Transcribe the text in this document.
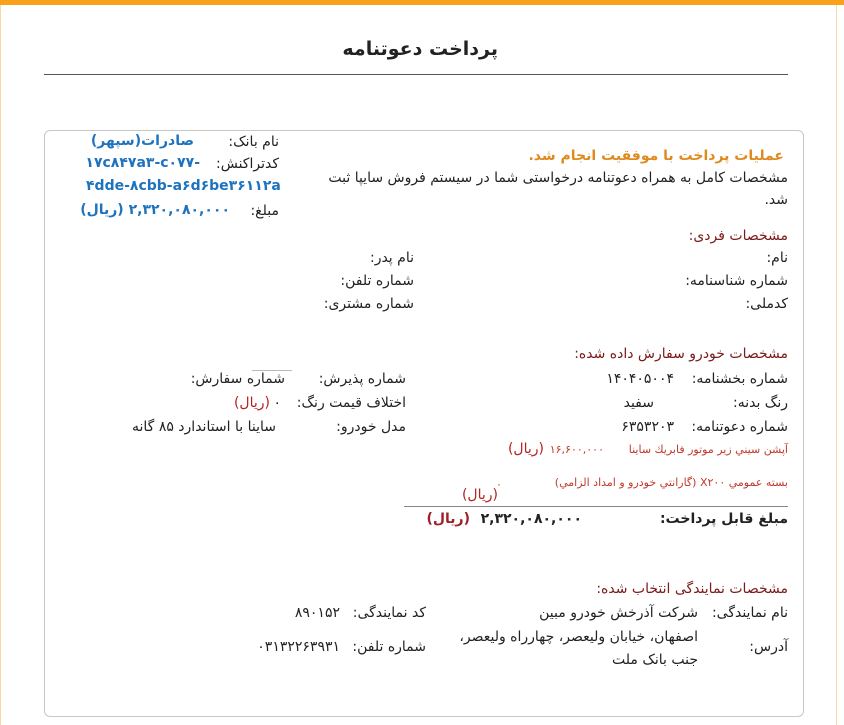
پرداخت دعوتنامه
نام بانک:
صادرات(سپهر)
کدتراکنش:
-۱۷c۸۴۷a۳-c۰۷۷
۴dde-۸cbb-a۶d۶be۳۶۱۱۲a
مبلغ:
۲,۳۲۰,۰۸۰,۰۰۰ (ریال)
عملیات پرداخت با موفقیت انجام شد.
مشخصات کامل به همراه دعوتنامه درخواستی شما در سیستم فروش سایپا ثبت
شد.
مشخصات فردی:
نام:
نام پدر:
شماره شناسنامه:
شماره تلفن:
کدملی:
شماره مشتری:
مشخصات خودرو سفارش داده شده:
شماره بخشنامه:
۱۴۰۴۰۵۰۰۴
شماره پذیرش:
شماره سفارش:
رنگ بدنه:
سفید
اختلاف قیمت رنگ:
۰
(ریال)
شماره دعوتنامه:
۶۳۵۳۲۰۳
مدل خودرو:
ساینا با استاندارد ۸۵ گانه
آپشن سيني زير موتور فابريك ساينا
۱۶,۶۰۰,۰۰۰
(ریال)
بسته عمومي X۲۰۰ (گارانتي خودرو و امداد الزامي)
۰
(ریال)
مبلغ قابل پرداخت:
۲,۳۲۰,۰۸۰,۰۰۰
(ریال)
مشخصات نمایندگی انتخاب شده:
نام نمایندگی:
شرکت آذرخش خودرو مبین
کد نمایندگی:
۸۹۰۱۵۲
آدرس:
اصفهان، خیابان ولیعصر، چهارراه ولیعصر،
جنب بانک ملت
شماره تلفن:
۰۳۱۳۲۲۶۳۹۳۱
